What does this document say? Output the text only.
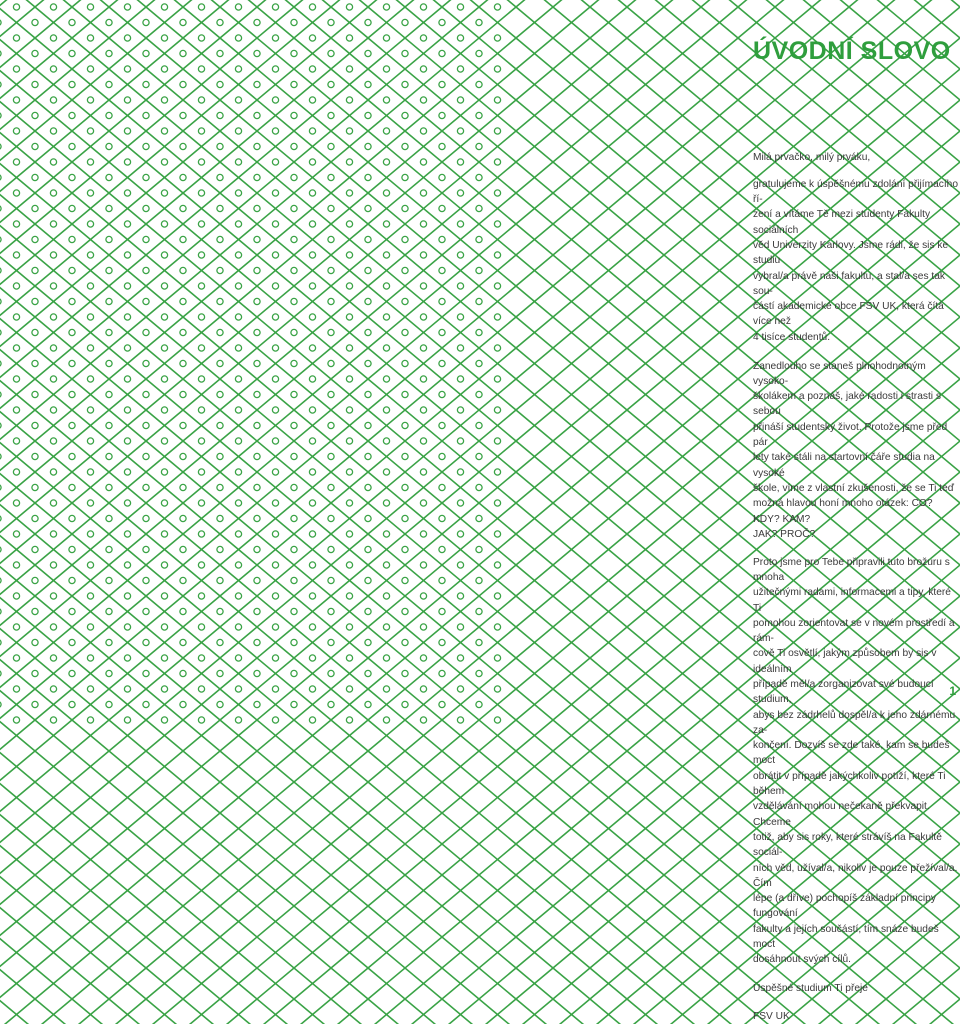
ÚVODNÍ SLOVO

Milá prvačko, milý prváku,

gratulujeme k úspěšnému zdolání přijímacího ří-
zení a vítáme Tě mezi studenty Fakulty sociálních
věd Univerzity Karlovy. Jsme rádi, že sis ke studiu
vybral/a právě naši fakultu, a stal/a ses tak sou-
částí akademické obce FSV UK, která čítá více než
4 tisíce studentů.

Zanedlouho se staneš plnohodnotným vysoko-
školákem a poznáš, jaké radosti i strasti s sebou
přináší studentský život. Protože jsme před pár
lety také stáli na startovní čáře studia na vysoké
škole, víme z vlastní zkušenosti, že se Ti teď
možná hlavou honí mnoho otázek: CO? KDY? KAM?
JAK? PROČ?

Proto jsme pro Tebe připravili tuto brožuru s mnoha
užitečnými radami, informacemi a tipy, které Ti
pomohou zorientovat se v novém prostředí a rám-
cově Ti osvětlí, jakým způsobem by sis v ideálním
případě měl/a zorganizovat své budoucí studium,
abys bez zádrhelů dospěl/a k jeho zdárnému za-
končení. Dozvíš se zde také, kam se budeš moct
obrátit v případě jakýchkoliv potíží, které Ti během
vzdělávání mohou nečekaně překvapit. Chceme
totiž, aby sis roky, které strávíš na Fakultě sociál-
ních věd, užíval/a, nikoliv je pouze přežíval/a. Čím
lépe (a dříve) pochopíš základní principy fungování
fakulty a jejích součástí, tím snáze budeš moct
dosáhnout svých cílů.

Úspěšné studium Ti přeje

FSV UK

1
